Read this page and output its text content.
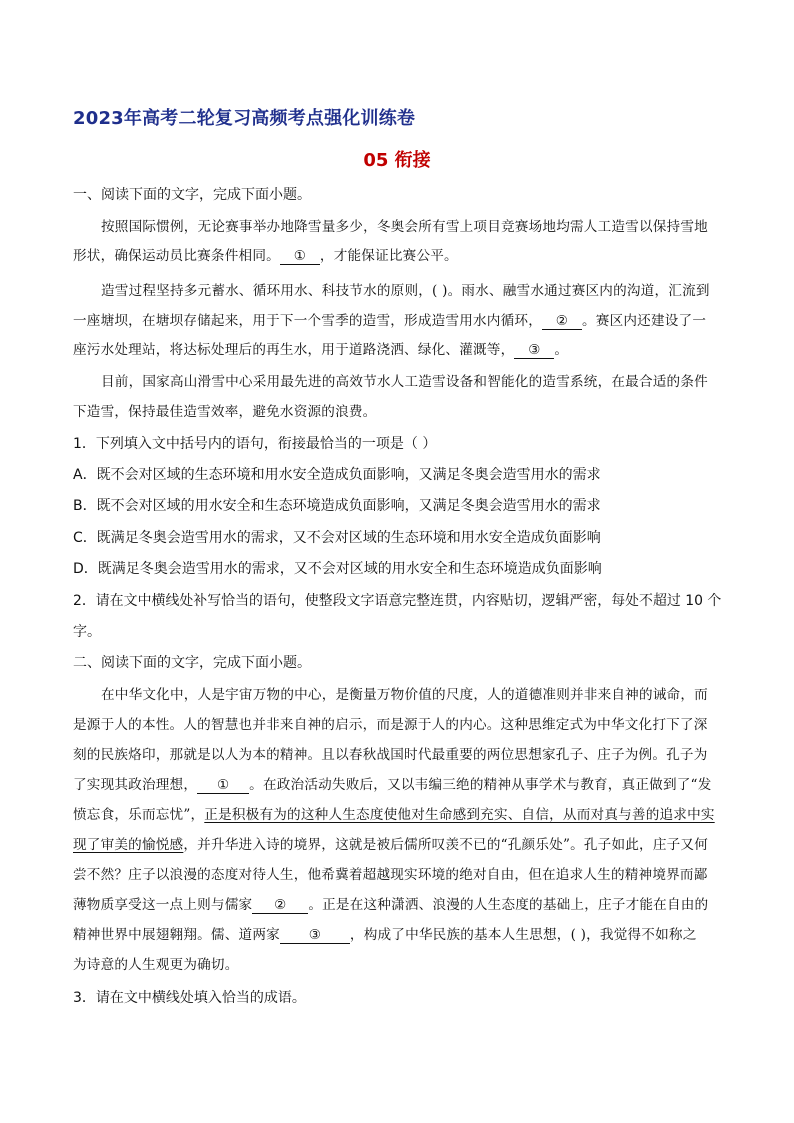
2023年高考二轮复习高频考点强化训练卷
05 衔接
一、阅读下面的文字，完成下面小题。
按照国际惯例，无论赛事举办地降雪量多少，冬奥会所有雪上项目竞赛场地均需人工造雪以保持雪地
形状，确保运动员比赛条件相同。 ① ，才能保证比赛公平。
造雪过程坚持多元蓄水、循环用水、科技节水的原则，( )。雨水、融雪水通过赛区内的沟道，汇流到
一座塘坝，在塘坝存储起来，用于下一个雪季的造雪，形成造雪用水内循环， ② 。赛区内还建设了一
座污水处理站，将达标处理后的再生水，用于道路浇洒、绿化、灌溉等， ③ 。
目前，国家高山滑雪中心采用最先进的高效节水人工造雪设备和智能化的造雪系统，在最合适的条件
下造雪，保持最佳造雪效率，避免水资源的浪费。
1．下列填入文中括号内的语句，衔接最恰当的一项是（ ）
A．既不会对区域的生态环境和用水安全造成负面影响，又满足冬奥会造雪用水的需求
B．既不会对区域的用水安全和生态环境造成负面影响，又满足冬奥会造雪用水的需求
C．既满足冬奥会造雪用水的需求，又不会对区域的生态环境和用水安全造成负面影响
D．既满足冬奥会造雪用水的需求，又不会对区域的用水安全和生态环境造成负面影响
2．请在文中横线处补写恰当的语句，使整段文字语意完整连贯，内容贴切，逻辑严密，每处不超过 10 个
字。
二、阅读下面的文字，完成下面小题。
在中华文化中，人是宇宙万物的中心，是衡量万物价值的尺度，人的道德准则并非来自神的诫命，而
是源于人的本性。人的智慧也并非来自神的启示，而是源于人的内心。这种思维定式为中华文化打下了深
刻的民族烙印，那就是以人为本的精神。且以春秋战国时代最重要的两位思想家孔子、庄子为例。孔子为
了实现其政治理想， ① 。在政治活动失败后，又以韦编三绝的精神从事学术与教育，真正做到了“发
愤忘食，乐而忘忧”，正是积极有为的这种人生态度使他对生命感到充实、自信，从而对真与善的追求中实
现了审美的愉悦感，并升华进入诗的境界，这就是被后儒所叹羡不已的“孔颜乐处”。孔子如此，庄子又何
尝不然？庄子以浪漫的态度对待人生，他希冀着超越现实环境的绝对自由，但在追求人生的精神境界而鄙
薄物质享受这一点上则与儒家 ② 。正是在这种潇洒、浪漫的人生态度的基础上，庄子才能在自由的
精神世界中展翅翱翔。儒、道两家 ③ ，构成了中华民族的基本人生思想，( )，我觉得不如称之
为诗意的人生观更为确切。
3．请在文中横线处填入恰当的成语。
